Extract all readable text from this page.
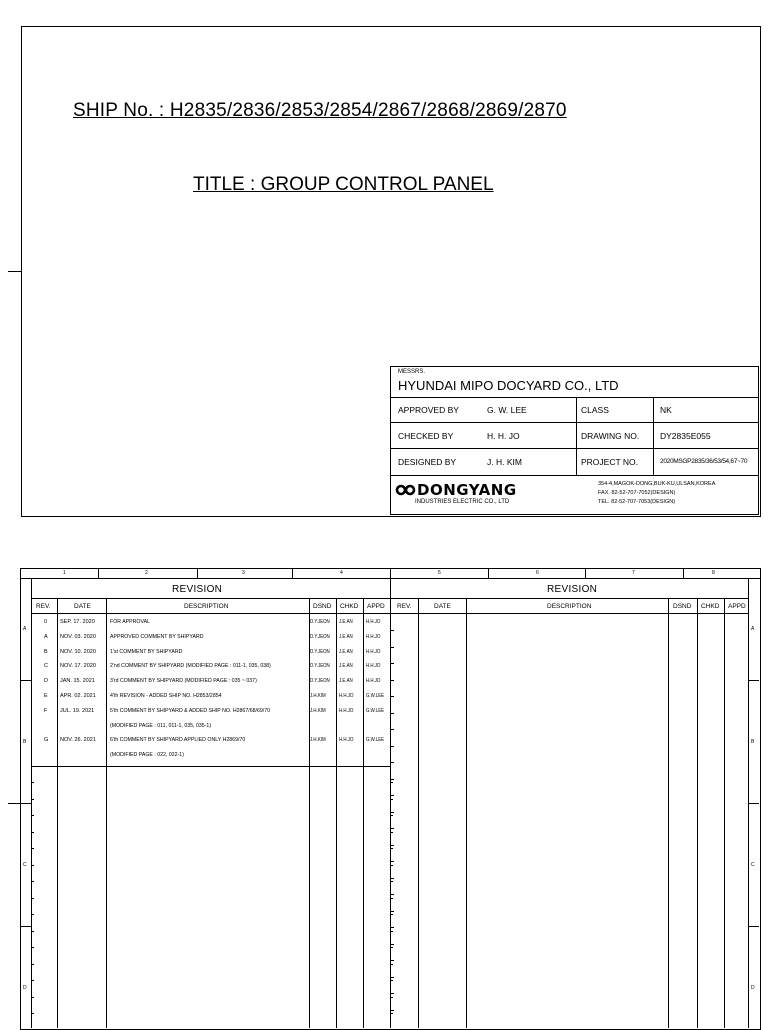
SHIP No. : H2835/2836/2853/2854/2867/2868/2869/2870
TITLE : GROUP CONTROL PANEL
MESSRS.
HYUNDAI MIPO DOCYARD CO., LTD
APPROVED BY	G. W. LEE	CLASS	NK
CHECKED BY	H. H. JO	DRAWING NO. DY2835E055
DESIGNED BY	J. H. KIM	PROJECT NO.	2020MSGP2835/36/53/54,67~70
DONGYANG
INDUSTRIES ELECTRIC CO., LTD
354-4,MAGOK-DONG,BUK-KU,ULSAN,KOREA
FAX. 82-52-707-7052(DESIGN)
TEL. 82-52-707-7053(DESIGN)
1	2	3	4	5	6	7	8
A
B
C
D
A
B
C
D
REVISION	REVISION
REV.	DATE	DESCRIPTION	DSND CHKD APPD REV.	DATE	DESCRIPTION	DSND CHKD APPD
0 SEP. 17. 2020	FOR APPROVAL	D.Y.JEON J.E.AN H.H.JO
A NOV. 03. 2020	APPROVED COMMENT BY SHIPYARD	D.Y.JEON J.E.AN H.H.JO
B NOV. 10. 2020	1'st COMMENT BY SHIPYARD	D.Y.JEON J.E.AN H.H.JO
C NOV. 17. 2020	2'nd COMMENT BY SHIPYARD (MODIFIED PAGE : 011-1, 035, 038)	D.Y.JEON J.E.AN H.H.JO
D JAN. 15. 2021	3'rd COMMENT BY SHIPYARD (MODIFIED PAGE : 035 ~ 037)	D.Y.JEON J.E.AN H.H.JO
E APR. 02. 2021	4'th REVISION - ADDED SHIP NO. H2853/2854	J.H.KIM H.H.JO G.W.LEE
F JUL. 19. 2021	5'th COMMENT BY SHIPYARD & ADDED SHIP NO. H2867/68/69/70	J.H.KIM H.H.JO G.W.LEE
(MODIFIED PAGE : 011, 011-1, 035, 035-1)
G NOV. 26. 2021	6'th COMMENT BY SHIPYARD APPLIED ONLY H2869/70	J.H.KIM H.H.JO G.W.LEE
(MODIFIED PAGE : 022, 022-1)
